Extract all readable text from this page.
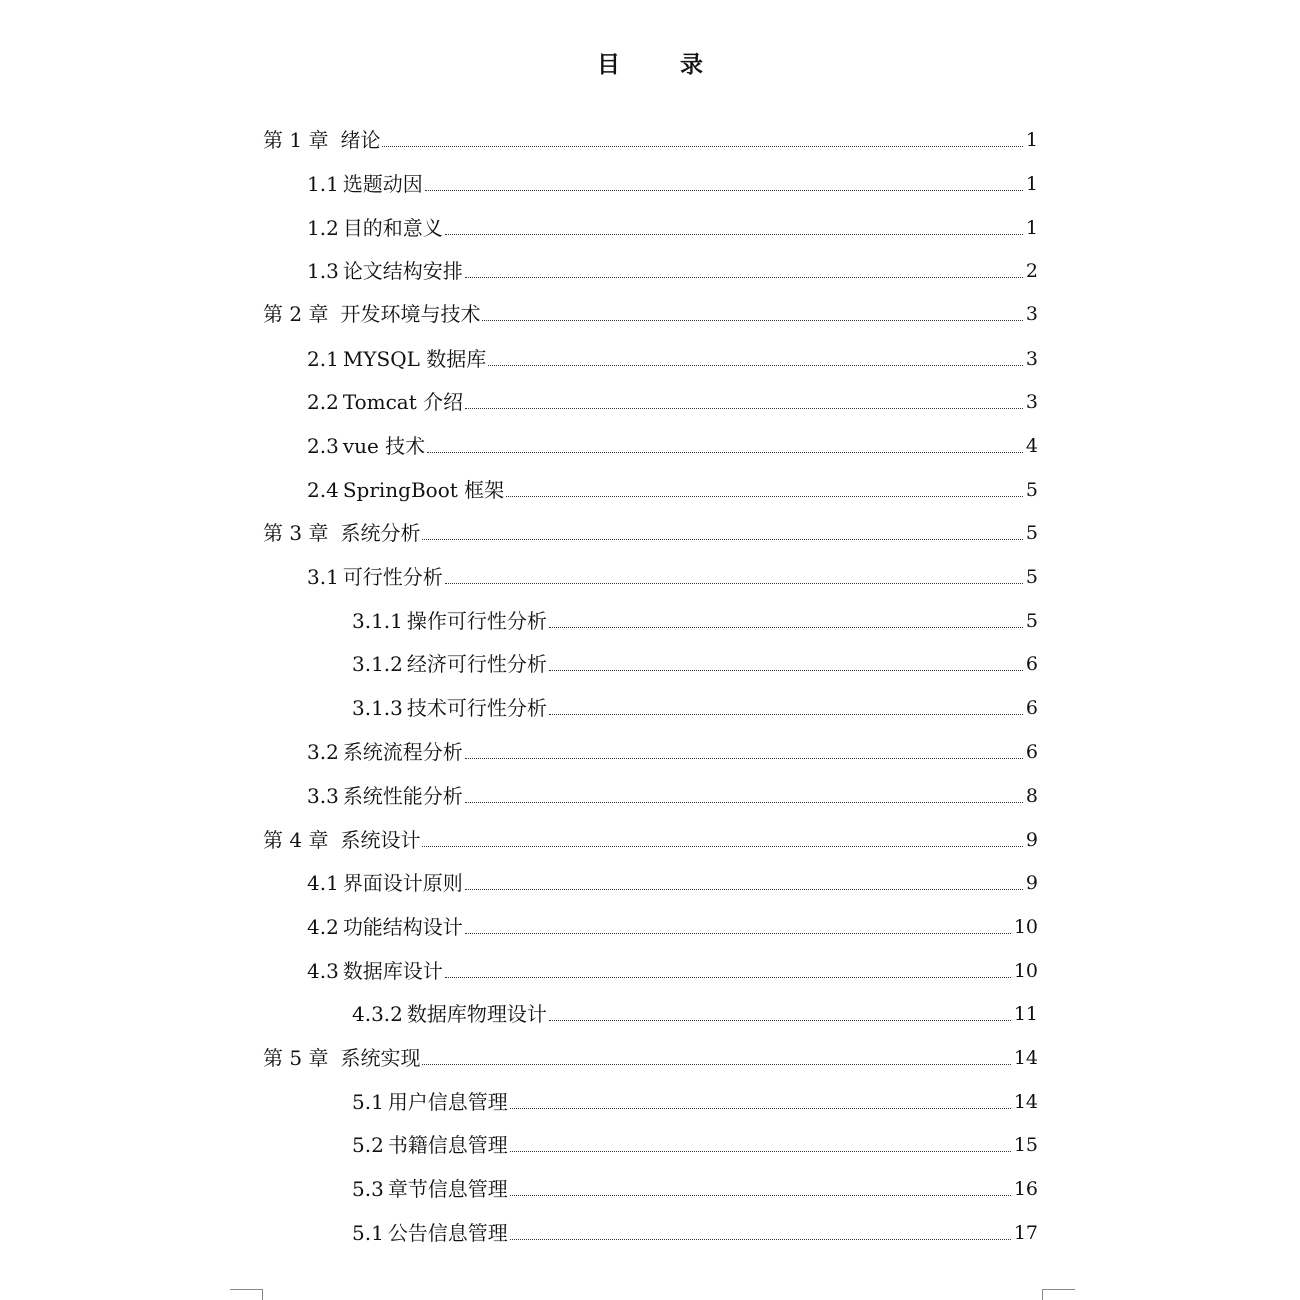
目 录
第 1 章 绪论	1
1.1 选题动因	1
1.2 目的和意义	1
1.3 论文结构安排	2
第 2 章 开发环境与技术	3
2.1 MYSQL 数据库	3
2.2 Tomcat 介绍	3
2.3 vue 技术	4
2.4 SpringBoot 框架	5
第 3 章 系统分析	5
3.1 可行性分析	5
3.1.1 操作可行性分析	5
3.1.2 经济可行性分析	6
3.1.3 技术可行性分析	6
3.2 系统流程分析	6
3.3 系统性能分析	8
第 4 章 系统设计	9
4.1 界面设计原则	9
4.2 功能结构设计	10
4.3 数据库设计	10
4.3.2 数据库物理设计	11
第 5 章 系统实现	14
5.1 用户信息管理	14
5.2 书籍信息管理	15
5.3 章节信息管理	16
5.1 公告信息管理	17
